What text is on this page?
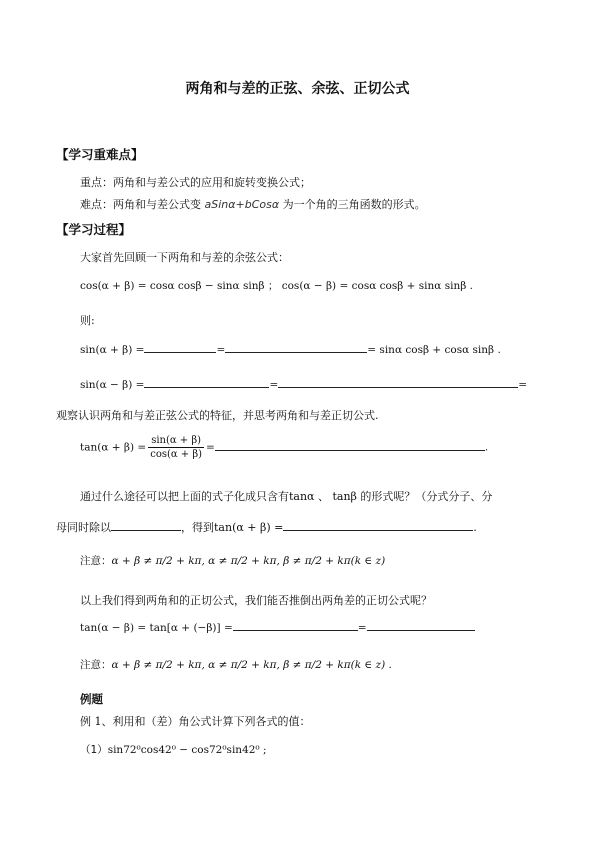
两角和与差的正弦、余弦、正切公式
【学习重难点】
重点：两角和与差公式的应用和旋转变换公式；
难点：两角和与差公式变 aSinα+bCosα 为一个角的三角函数的形式。
【学习过程】
大家首先回顾一下两角和与差的余弦公式：
cos(α + β) = cosα cosβ − sinα sinβ ； cos(α − β) = cosα cosβ + sinα sinβ .
则:
sin(α + β) =	=	= sinα cosβ + cosα sinβ .
sin(α − β) =	=	=
观察认识两角和与差正弦公式的特征，并思考两角和与差正切公式.
$\tan(\alpha + \beta) = \frac{\sin(\alpha + \beta)}{\cos(\alpha + \beta)}$ =	.
通过什么途径可以把上面的式子化成只含有tanα 、 tanβ 的形式呢？（分式分子、分
母同时除以	，得到tan(α + β) =	.
注意：α + β ≠ π/2 + kπ, α ≠ π/2 + kπ, β ≠ π/2 + kπ(k ∈ z)
以上我们得到两角和的正切公式，我们能否推倒出两角差的正切公式呢？
tan(α − β) = tan[α + (−β)] =	=
注意：α + β ≠ π/2 + kπ, α ≠ π/2 + kπ, β ≠ π/2 + kπ(k ∈ z) .
例题
例 1、利用和（差）角公式计算下列各式的值：
（1）sin72⁰cos42⁰ − cos72⁰sin42⁰ ;
